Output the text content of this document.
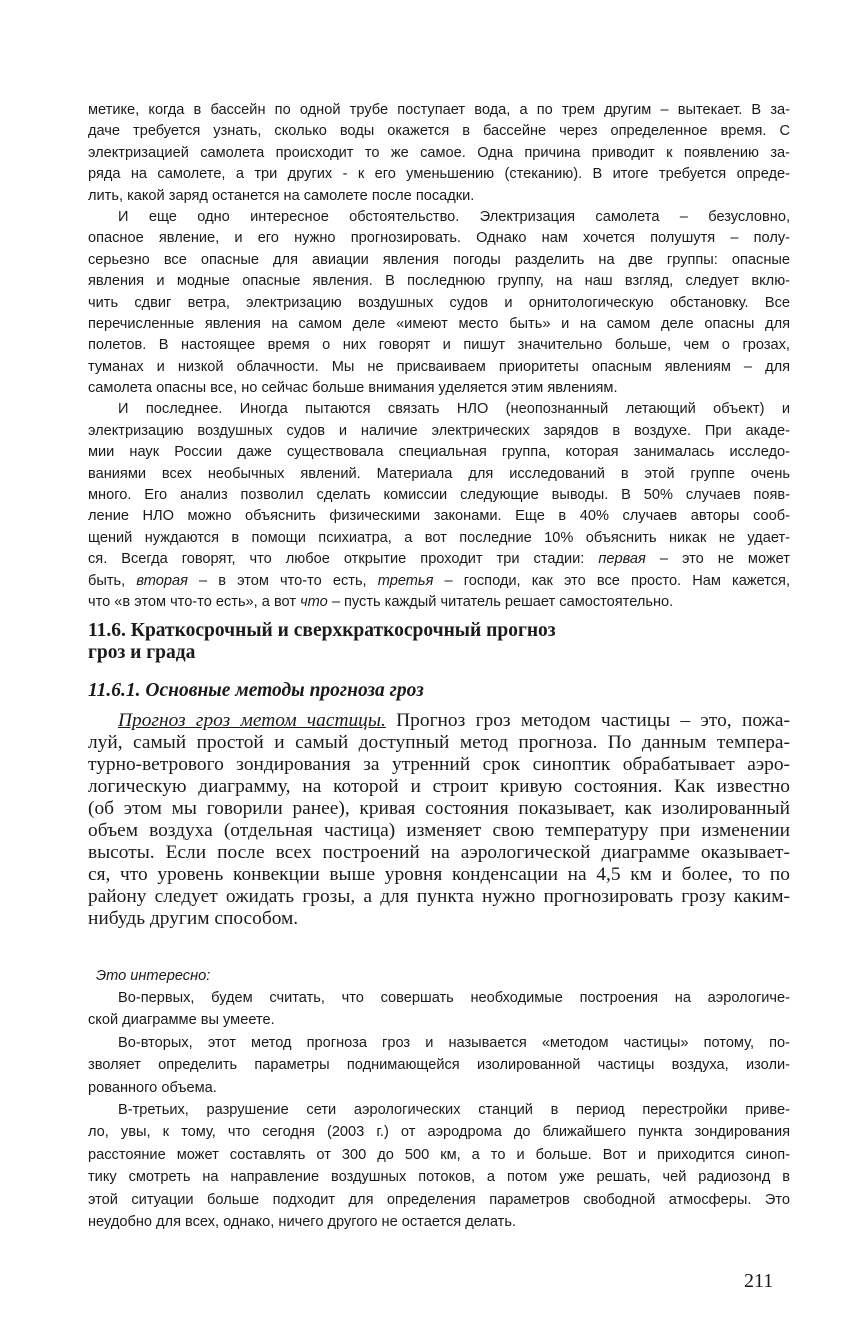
метике, когда в бассейн по одной трубе поступает вода, а по трем другим – вытекает. В за-
даче требуется узнать, сколько воды окажется в бассейне через определенное время. С
электризацией самолета происходит то же самое. Одна причина приводит к появлению за-
ряда на самолете, а три других - к его уменьшению (стеканию). В итоге требуется опреде-
лить, какой заряд останется на самолете после посадки.
И еще одно интересное обстоятельство. Электризация самолета – безусловно,
опасное явление, и его нужно прогнозировать. Однако нам хочется полушутя – полу-
серьезно все опасные для авиации явления погоды разделить на две группы: опасные
явления и модные опасные явления. В последнюю группу, на наш взгляд, следует вклю-
чить сдвиг ветра, электризацию воздушных судов и орнитологическую обстановку. Все
перечисленные явления на самом деле «имеют место быть» и на самом деле опасны для
полетов. В настоящее время о них говорят и пишут значительно больше, чем о грозах,
туманах и низкой облачности. Мы не присваиваем приоритеты опасным явлениям – для
самолета опасны все, но сейчас больше внимания уделяется этим явлениям.
И последнее. Иногда пытаются связать НЛО (неопознанный летающий объект) и
электризацию воздушных судов и наличие электрических зарядов в воздухе. При акаде-
мии наук России даже существовала специальная группа, которая занималась исследо-
ваниями всех необычных явлений. Материала для исследований в этой группе очень
много. Его анализ позволил сделать комиссии следующие выводы. В 50% случаев появ-
ление НЛО можно объяснить физическими законами. Еще в 40% случаев авторы сооб-
щений нуждаются в помощи психиатра, а вот последние 10% объяснить никак не удает-
ся. Всегда говорят, что любое открытие проходит три стадии: первая – это не может
быть, вторая – в этом что-то есть, третья – господи, как это все просто. Нам кажется,
что «в этом что-то есть», а вот что – пусть каждый читатель решает самостоятельно.
11.6. Краткосрочный и сверхкраткосрочный прогноз
гроз и града
11.6.1. Основные методы прогноза гроз
Прогноз гроз метом частицы. Прогноз гроз методом частицы – это, пожа-
луй, самый простой и самый доступный метод прогноза. По данным темпера-
турно-ветрового зондирования за утренний срок синоптик обрабатывает аэро-
логическую диаграмму, на которой и строит кривую состояния. Как известно
(об этом мы говорили ранее), кривая состояния показывает, как изолированный
объем воздуха (отдельная частица) изменяет свою температуру при изменении
высоты. Если после всех построений на аэрологической диаграмме оказывает-
ся, что уровень конвекции выше уровня конденсации на 4,5 км и более, то по
району следует ожидать грозы, а для пункта нужно прогнозировать грозу каким-
нибудь другим способом.
Это интересно:
Во-первых, будем считать, что совершать необходимые построения на аэрологиче-
ской диаграмме вы умеете.
Во-вторых, этот метод прогноза гроз и называется «методом частицы» потому, по-
зволяет определить параметры поднимающейся изолированной частицы воздуха, изоли-
рованного объема.
В-третьих, разрушение сети аэрологических станций в период перестройки приве-
ло, увы, к тому, что сегодня (2003 г.) от аэродрома до ближайшего пункта зондирования
расстояние может составлять от 300 до 500 км, а то и больше. Вот и приходится синоп-
тику смотреть на направление воздушных потоков, а потом уже решать, чей радиозонд в
этой ситуации больше подходит для определения параметров свободной атмосферы. Это
неудобно для всех, однако, ничего другого не остается делать.
211
